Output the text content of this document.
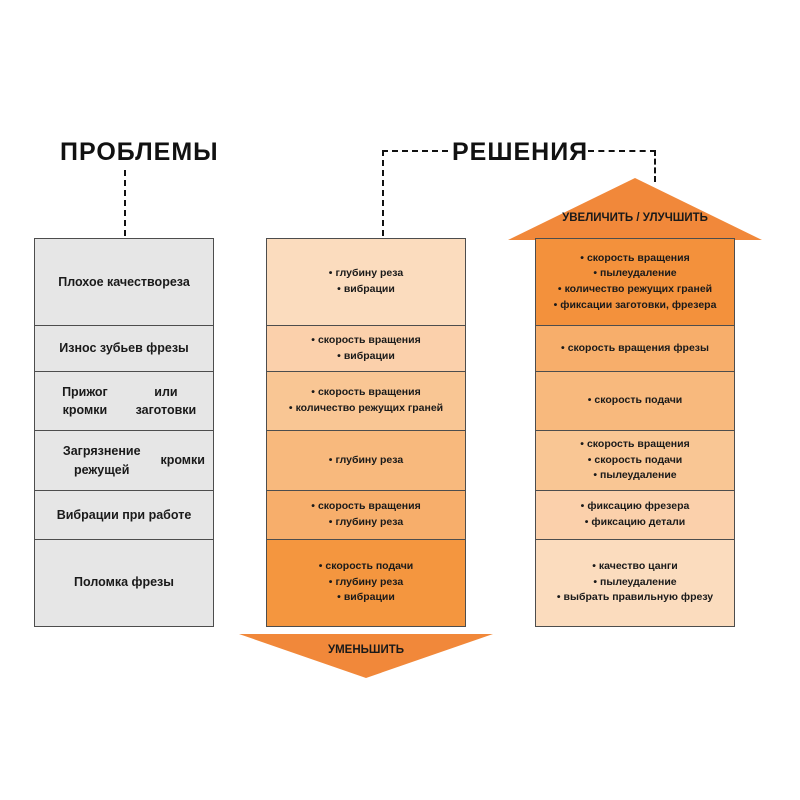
ПРОБЛЕМЫ	РЕШЕНИЯ
УВЕЛИЧИТЬ / УЛУЧШИТЬ
Плохое качество реза
Износ зубьев фрезы
Прижог кромки
или заготовки
Загрязнение режущей
кромки
Вибрации при работе
Поломка фрезы
• глубину реза
• вибрации
• скорость вращения
• вибрации
• скорость вращения
• количество режущих граней
• глубину реза
• скорость вращения
• глубину реза
• скорость подачи
• глубину реза
• вибрации
• скорость вращения
• пылеудаление
• количество режущих граней
• фиксации заготовки, фрезера
• скорость вращения фрезы
• скорость подачи
• скорость вращения
• скорость подачи
• пылеудаление
• фиксацию фрезера
• фиксацию детали
• качество цанги
• пылеудаление
• выбрать правильную фрезу
УМЕНЬШИТЬ
